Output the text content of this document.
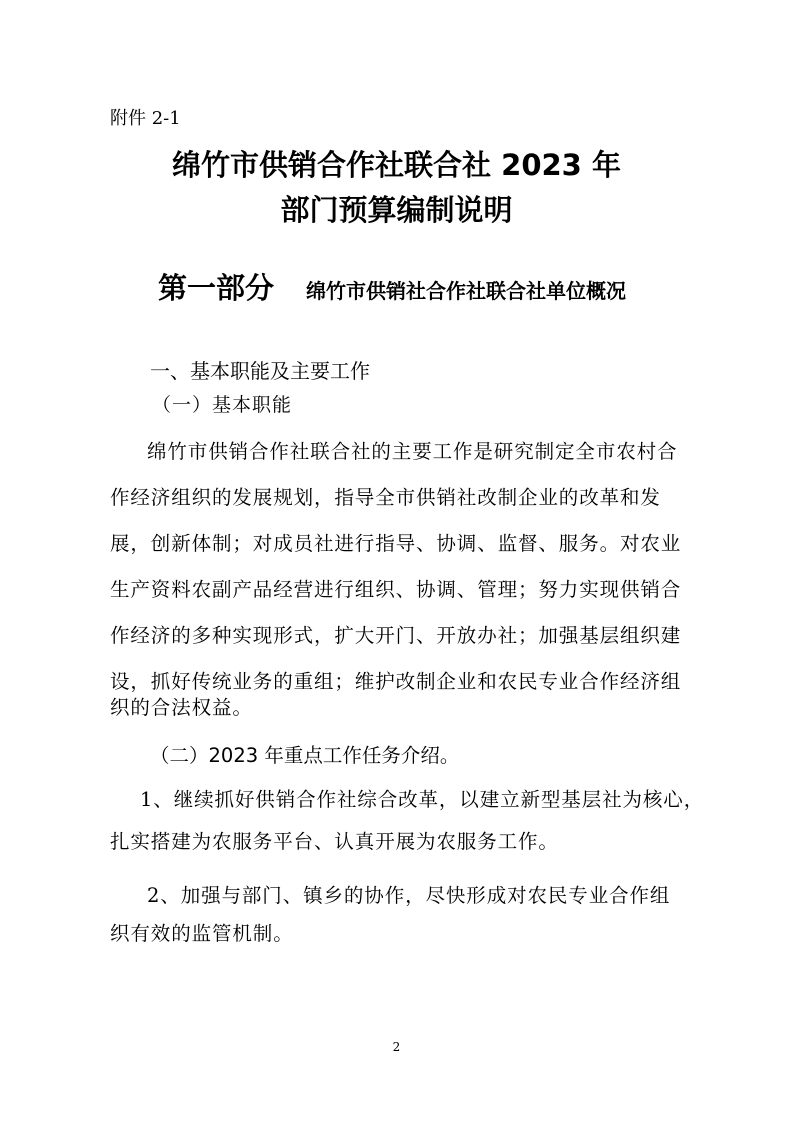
附件 2-1
绵竹市供销合作社联合社 2023 年
部门预算编制说明
第一部分 绵竹市供销社合作社联合社单位概况
一、基本职能及主要工作
（一）基本职能
绵竹市供销合作社联合社的主要工作是研究制定全市农村合
作经济组织的发展规划，指导全市供销社改制企业的改革和发
展，创新体制；对成员社进行指导、协调、监督、服务。对农业
生产资料农副产品经营进行组织、协调、管理；努力实现供销合
作经济的多种实现形式，扩大开门、开放办社；加强基层组织建
设，抓好传统业务的重组；维护改制企业和农民专业合作经济组
织的合法权益。
（二）2023 年重点工作任务介绍。
1、继续抓好供销合作社综合改革，以建立新型基层社为核心，
扎实搭建为农服务平台、认真开展为农服务工作。
2、加强与部门、镇乡的协作，尽快形成对农民专业合作组
织有效的监管机制。
2
